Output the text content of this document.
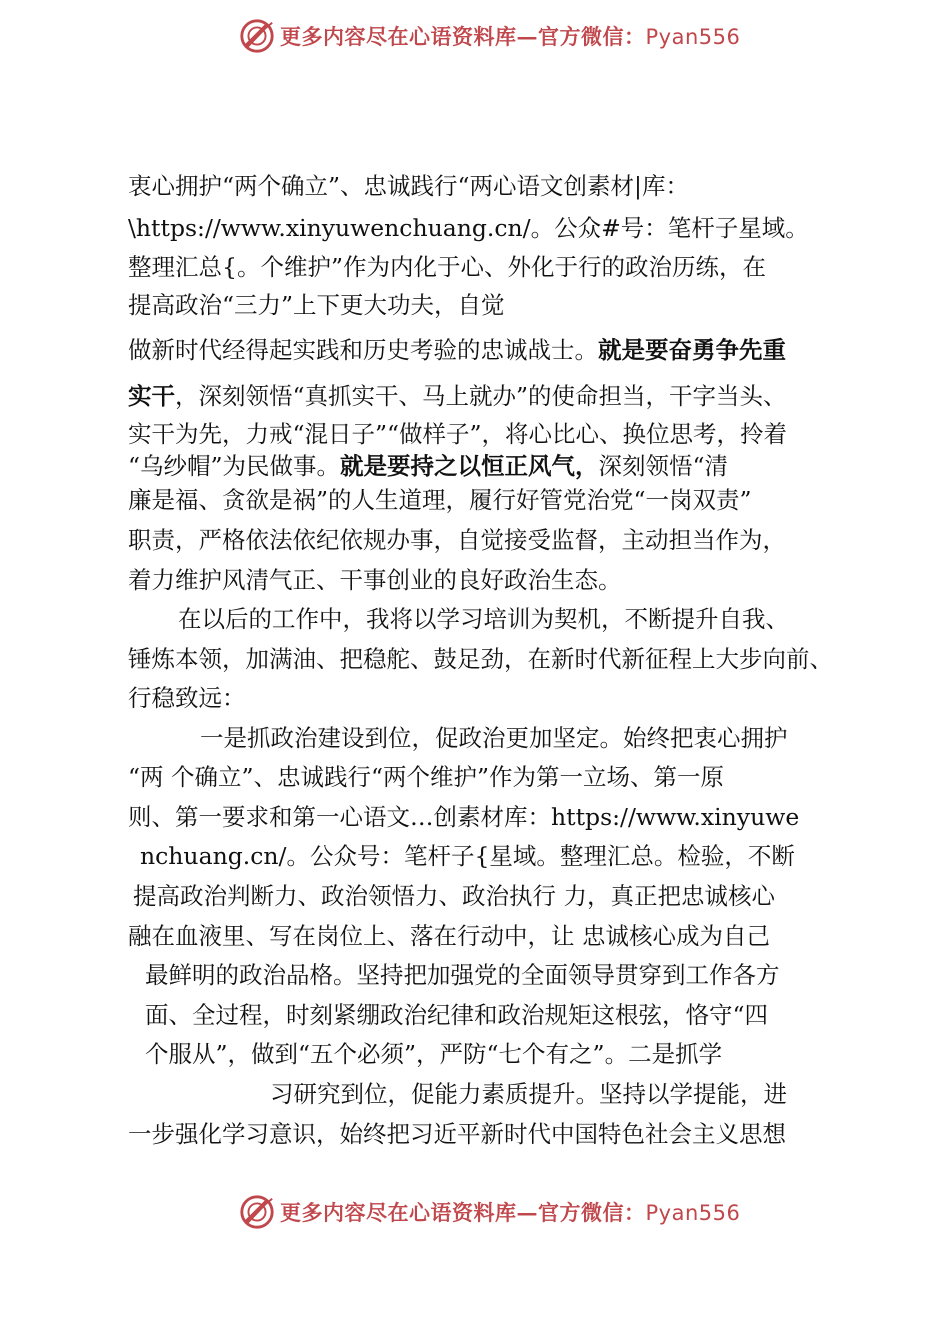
更多内容尽在心语资料库—官方微信：Pyan556
衷心拥护“两个确立”、忠诚践行“两心语文创素材|库：
\https://www.xinyuwenchuang.cn/。公众#号：笔杆子星域。
整理汇总{。个维护”作为内化于心、外化于行的政治历练，在
提高政治“三力”上下更大功夫，自觉
做新时代经得起实践和历史考验的忠诚战士。就是要奋勇争先重
实干，深刻领悟“真抓实干、马上就办”的使命担当，干字当头、
实干为先，力戒“混日子”“做样子”，将心比心、换位思考，拎着
“乌纱帽”为民做事。就是要持之以恒正风气，深刻领悟“清
廉是福、贪欲是祸”的人生道理，履行好管党治党“一岗双责”
职责，严格依法依纪依规办事，自觉接受监督，主动担当作为，
着力维护风清气正、干事创业的良好政治生态。
在以后的工作中，我将以学习培训为契机，不断提升自我、
锤炼本领，加满油、把稳舵、鼓足劲，在新时代新征程上大步向前、
行稳致远：
一是抓政治建设到位，促政治更加坚定。始终把衷心拥护
“两 个确立”、忠诚践行“两个维护”作为第一立场、第一原
则、第一要求和第一心语文…创素材库：https://www.xinyuwe
nchuang.cn/。公众号：笔杆子{星域。整理汇总。检验，不断
提高政治判断力、政治领悟力、政治执行 力，真正把忠诚核心
融在血液里、写在岗位上、落在行动中，让 忠诚核心成为自己
最鲜明的政治品格。坚持把加强党的全面领导贯穿到工作各方
面、全过程，时刻紧绷政治纪律和政治规矩这根弦，恪守“四
个服从”，做到“五个必须”，严防“七个有之”。二是抓学
习研究到位，促能力素质提升。坚持以学提能，进
一步强化学习意识，始终把习近平新时代中国特色社会主义思想
更多内容尽在心语资料库—官方微信：Pyan556
